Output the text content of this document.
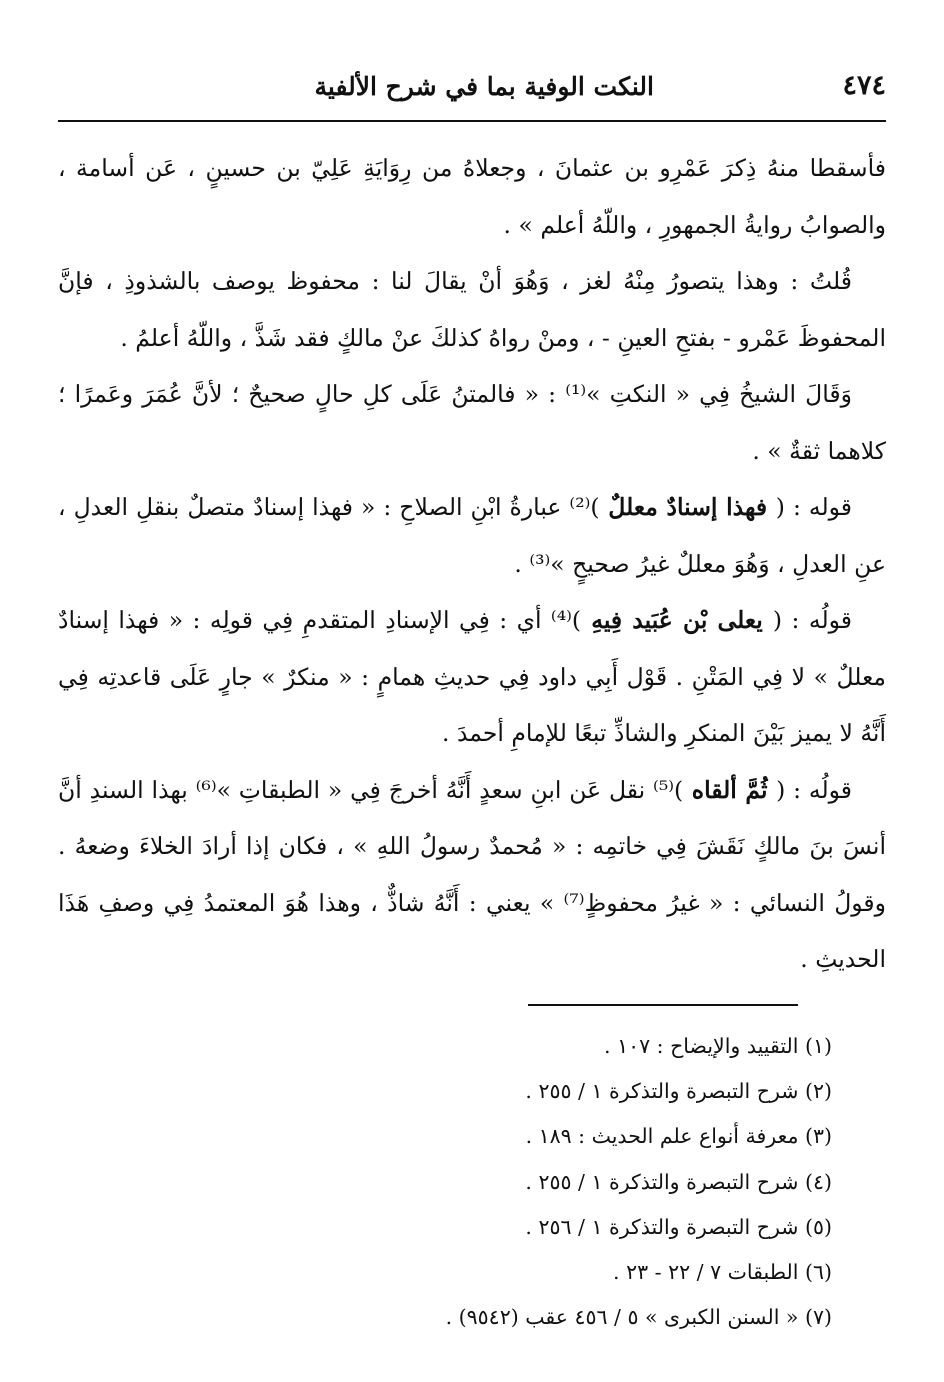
النكت الوفية بما في شرح الألفية	٤٧٤

فأسقطا منهُ ذِكرَ عَمْرِو بن عثمانَ ، وجعلاهُ من رِوَايَةِ عَلِيّ بن حسينٍ ، عَن أسامة ، والصوابُ روايةُ الجمهورِ ، واللّهُ أعلم » .

قُلتُ : وهذا يتصورُ مِنْهُ لغز ، وَهُوَ أنْ يقالَ لنا : محفوظ يوصف بالشذوذِ ، فإنَّ المحفوظَ عَمْرو - بفتحِ العينِ - ، ومنْ رواهُ كذلكَ عنْ مالكٍ فقد شَذَّ ، واللّهُ أعلمُ .

وَقَالَ الشيخُ فِي « النكتِ »⁽¹⁾ : « فالمتنُ عَلَى كلِ حالٍ صحيحٌ ؛ لأنَّ عُمَرَ وعَمرًا ؛ كلاهما ثقةٌ » .

قوله : ( فهذا إسنادٌ معللٌ )⁽²⁾ عبارةُ ابْنِ الصلاحِ : « فهذا إسنادٌ متصلٌ بنقلِ العدلِ ، عنِ العدلِ ، وَهُوَ معللٌ غيرُ صحيحٍ »⁽³⁾ .

قولُه : ( يعلى بْن عُبَيد فِيهِ )⁽⁴⁾ أي : فِي الإسنادِ المتقدمِ فِي قولِه : « فهذا إسنادٌ معللٌ » لا فِي المَتْنِ . قَوْل أَبِي داود فِي حديثِ همامٍ : « منكرٌ » جارٍ عَلَى قاعدتِه فِي أَنَّهُ لا يميز بَيْنَ المنكرِ والشاذِّ تبعًا للإمامِ أحمدَ .

قولُه : ( ثُمَّ ألقاه )⁽⁵⁾ نقل عَن ابنِ سعدٍ أَنَّهُ أخرجَ فِي « الطبقاتِ »⁽⁶⁾ بهذا السندِ أنَّ أنسَ بنَ مالكٍ نَقَشَ فِي خاتمِه : « مُحمدٌ رسولُ اللهِ » ، فكان إذا أرادَ الخلاءَ وضعهُ . وقولُ النسائي : « غيرُ محفوظٍ⁽⁷⁾ » يعني : أَنَّهُ شاذٌّ ، وهذا هُوَ المعتمدُ فِي وصفِ هَذَا الحديثِ .

(١) التقييد والإيضاح : ١٠٧ .
(٢) شرح التبصرة والتذكرة ١ / ٢٥٥ .
(٣) معرفة أنواع علم الحديث : ١٨٩ .
(٤) شرح التبصرة والتذكرة ١ / ٢٥٥ .
(٥) شرح التبصرة والتذكرة ١ / ٢٥٦ .
(٦) الطبقات ٧ / ٢٢ - ٢٣ .
(٧) « السنن الكبرى » ٥ / ٤٥٦ عقب (٩٥٤٢) .
